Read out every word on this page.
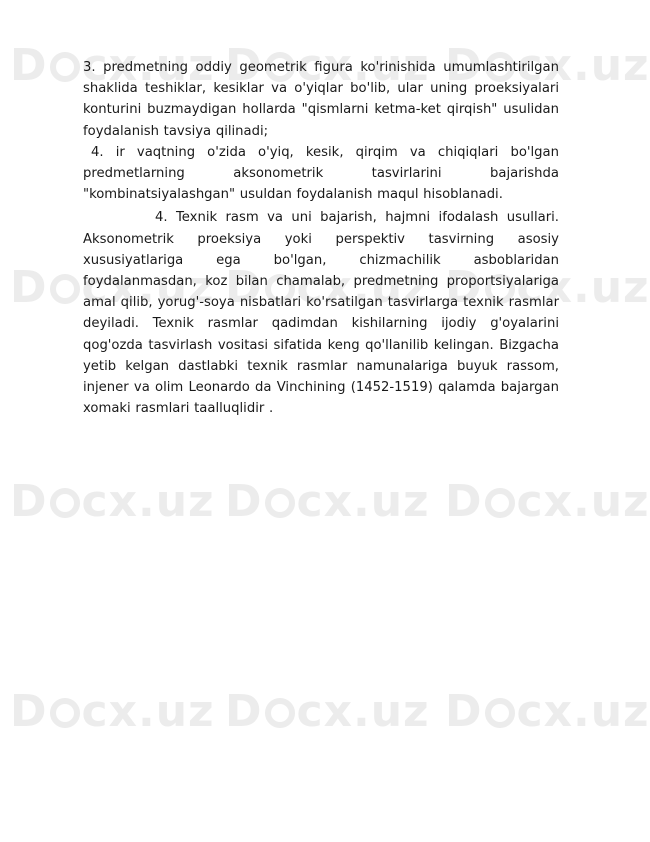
D cx.uz D cx.uz D cx.uz
D cx.uz D cx.uz D cx.uz
D cx.uz D cx.uz D cx.uz
D cx.uz D cx.uz D cx.uz

3. predmetning oddiy geometrik figura ko'rinishida umumlashtirilgan shaklida teshiklar, kesiklar va o'yiqlar bo'lib, ular uning proeksiyalari konturini buzmaydigan hollarda "qismlarni ketma-ket qirqish" usulidan foydalanish tavsiya qilinadi;

4. ir vaqtning o'zida o'yiq, kesik, qirqim va chiqiqlari bo'lgan predmetlarning aksonometrik tasvirlarini bajarishda "kombinatsiyalashgan" usuldan foydalanish maqul hisoblanadi.

4. Texnik rasm va uni bajarish, hajmni ifodalash usullari. Aksonometrik proeksiya yoki perspektiv tasvirning asosiy xususiyatlariga ega bo'lgan, chizmachilik asboblaridan foydalanmasdan, koz bilan chamalab, predmetning proportsiyalariga amal qilib, yorug'-soya nisbatlari ko'rsatilgan tasvirlarga texnik rasmlar deyiladi. Texnik rasmlar qadimdan kishilarning ijodiy g'oyalarini qog'ozda tasvirlash vositasi sifatida keng qo'llanilib kelingan. Bizgacha yetib kelgan dastlabki texnik rasmlar namunalariga buyuk rassom, injener va olim Leonardo da Vinchining (1452-1519) qalamda bajargan xomaki rasmlari taalluqlidir .
